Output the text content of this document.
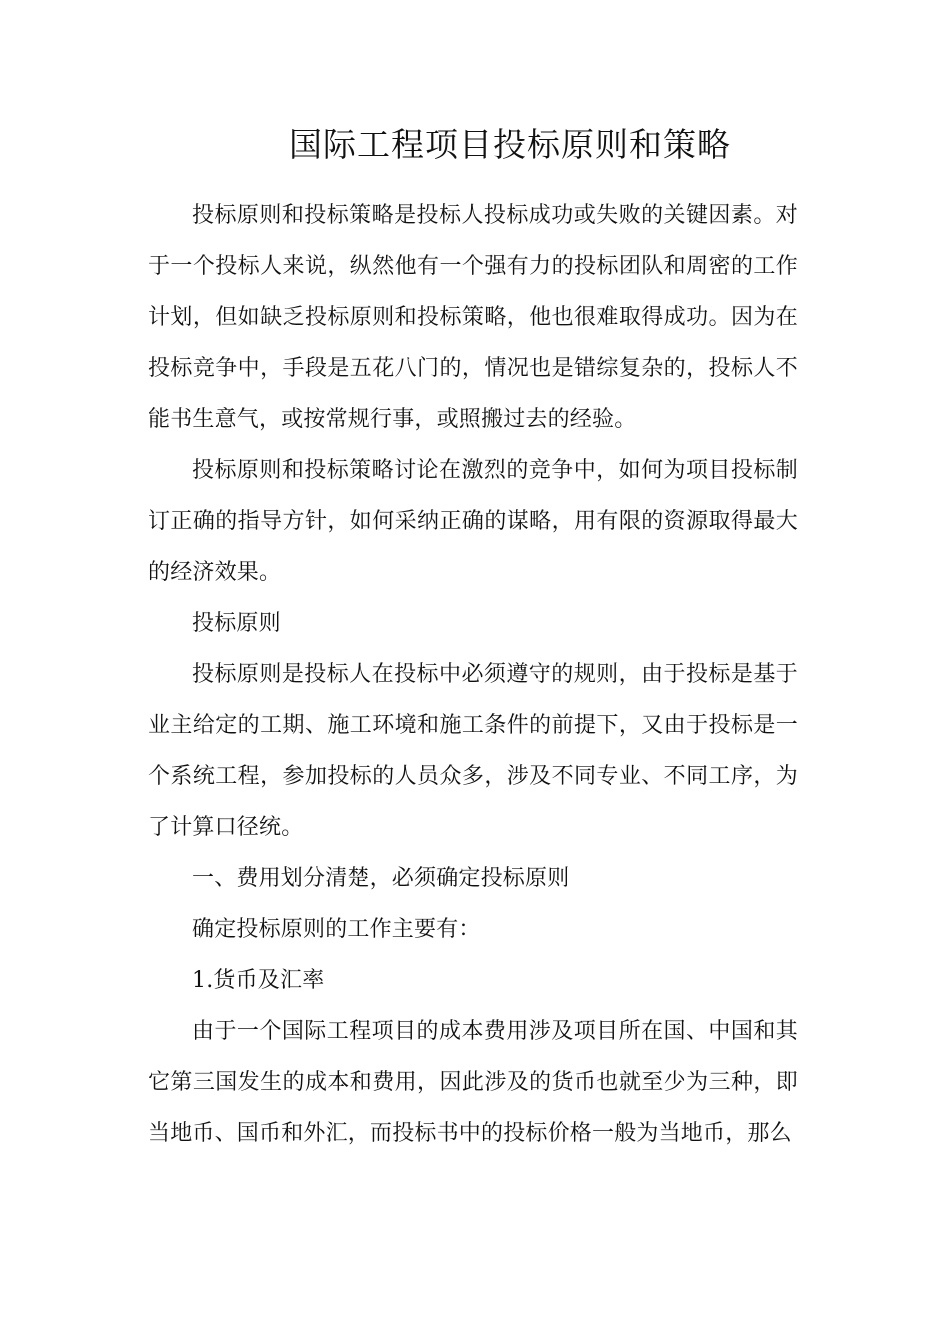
国际工程项目投标原则和策略

投标原则和投标策略是投标人投标成功或失败的关键因素。对于一个投标人来说，纵然他有一个强有力的投标团队和周密的工作计划，但如缺乏投标原则和投标策略，他也很难取得成功。因为在投标竞争中，手段是五花八门的，情况也是错综复杂的，投标人不能书生意气，或按常规行事，或照搬过去的经验。

投标原则和投标策略讨论在激烈的竞争中，如何为项目投标制订正确的指导方针，如何采纳正确的谋略，用有限的资源取得最大的经济效果。

投标原则

投标原则是投标人在投标中必须遵守的规则，由于投标是基于业主给定的工期、施工环境和施工条件的前提下，又由于投标是一个系统工程，参加投标的人员众多，涉及不同专业、不同工序，为了计算口径统。

一、费用划分清楚，必须确定投标原则

确定投标原则的工作主要有：

1.货币及汇率

由于一个国际工程项目的成本费用涉及项目所在国、中国和其它第三国发生的成本和费用，因此涉及的货币也就至少为三种，即当地币、国币和外汇，而投标书中的投标价格一般为当地币，那么
